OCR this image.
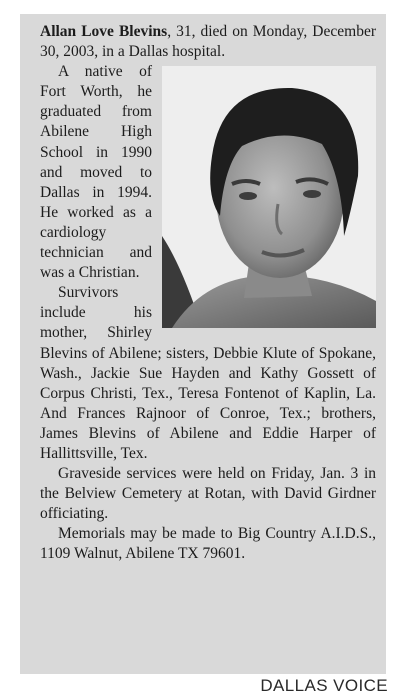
Allan Love Blevins, 31, died on Monday, December 30, 2003, in a Dallas hospital.

A native of Fort Worth, he graduated from Abilene High School in 1990 and moved to Dallas in 1994. He worked as a cardiology technician and was a Christian.

Survivors include his mother, Shirley Blevins of Abilene; sisters, Debbie Klute of Spokane, Wash., Jackie Sue Hayden and Kathy Gossett of Corpus Christi, Tex., Teresa Fontenot of Kaplin, La. And Frances Rajnoor of Conroe, Tex.; brothers, James Blevins of Abilene and Eddie Harper of Hallittsville, Tex.

Graveside services were held on Friday, Jan. 3 in the Belview Cemetery at Rotan, with David Girdner officiating.

Memorials may be made to Big Country A.I.D.S., 1109 Walnut, Abilene TX 79601.

DALLAS VOICE
